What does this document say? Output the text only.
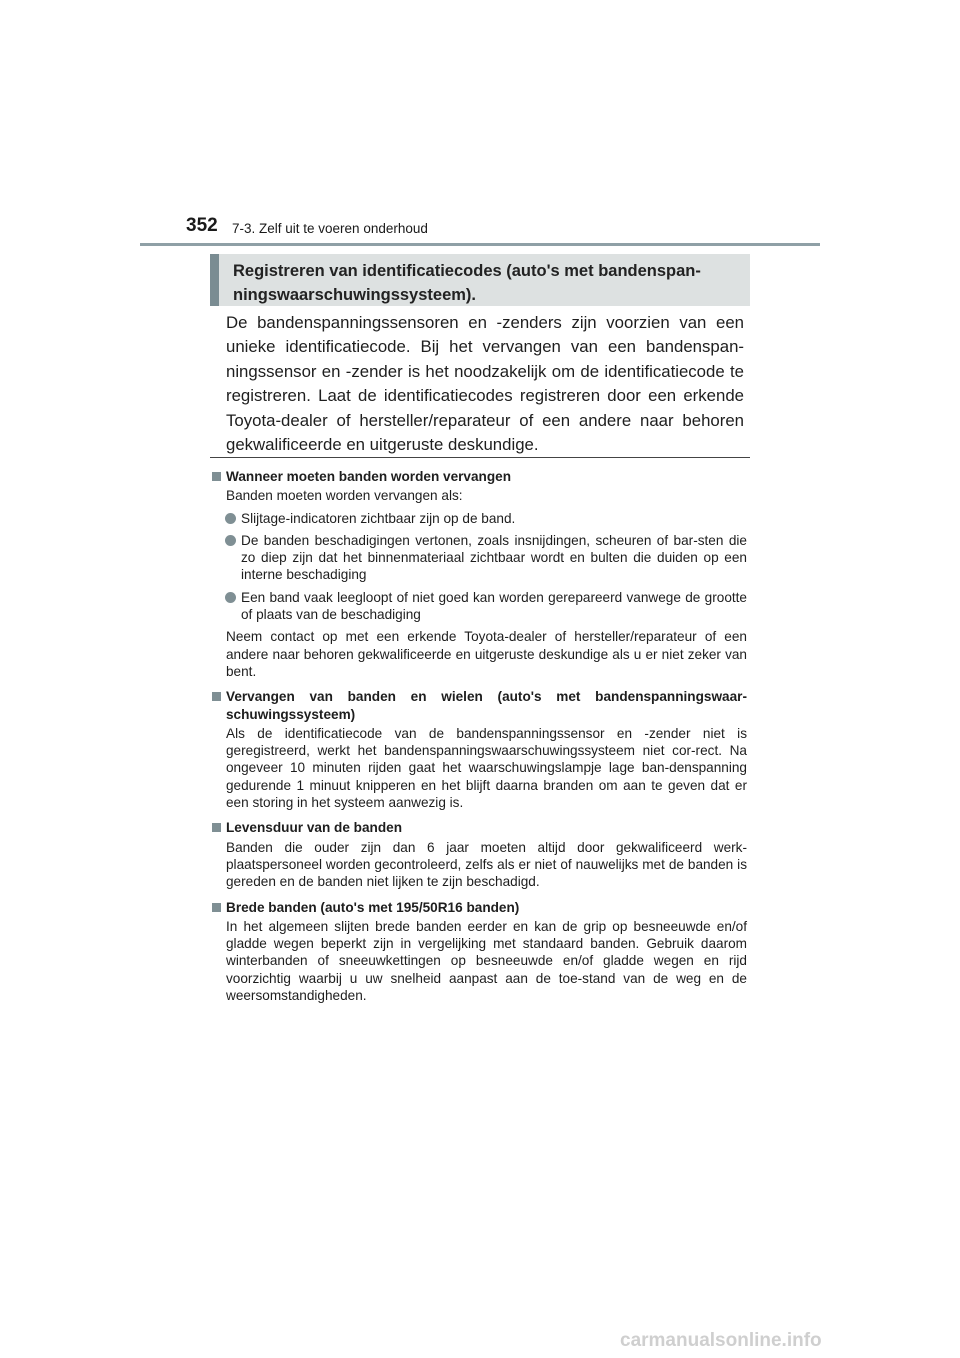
352 7-3. Zelf uit te voeren onderhoud
Registreren van identificatiecodes (auto's met bandenspan-
ningswaarschuwingssysteem).
De bandenspanningssensoren en -zenders zijn voorzien van een unieke identificatiecode. Bij het vervangen van een bandenspan-ningssensor en -zender is het noodzakelijk om de identificatiecode te registreren. Laat de identificatiecodes registreren door een erkende Toyota-dealer of hersteller/reparateur of een andere naar behoren gekwalificeerde en uitgeruste deskundige.
Wanneer moeten banden worden vervangen
Banden moeten worden vervangen als:
Slijtage-indicatoren zichtbaar zijn op de band.
De banden beschadigingen vertonen, zoals insnijdingen, scheuren of bar-sten die zo diep zijn dat het binnenmateriaal zichtbaar wordt en bulten die duiden op een interne beschadiging
Een band vaak leegloopt of niet goed kan worden gerepareerd vanwege de grootte of plaats van de beschadiging
Neem contact op met een erkende Toyota-dealer of hersteller/reparateur of een andere naar behoren gekwalificeerde en uitgeruste deskundige als u er niet zeker van bent.
Vervangen van banden en wielen (auto's met bandenspanningswaar-schuwingssysteem)
Als de identificatiecode van de bandenspanningssensor en -zender niet is geregistreerd, werkt het bandenspanningswaarschuwingssysteem niet cor-rect. Na ongeveer 10 minuten rijden gaat het waarschuwingslampje lage ban-denspanning gedurende 1 minuut knipperen en het blijft daarna branden om aan te geven dat er een storing in het systeem aanwezig is.
Levensduur van de banden
Banden die ouder zijn dan 6 jaar moeten altijd door gekwalificeerd werk-plaatspersoneel worden gecontroleerd, zelfs als er niet of nauwelijks met de banden is gereden en de banden niet lijken te zijn beschadigd.
Brede banden (auto's met 195/50R16 banden)
In het algemeen slijten brede banden eerder en kan de grip op besneeuwde en/of gladde wegen beperkt zijn in vergelijking met standaard banden. Gebruik daarom winterbanden of sneeuwkettingen op besneeuwde en/of gladde wegen en rijd voorzichtig waarbij u uw snelheid aanpast aan de toe-stand van de weg en de weersomstandigheden.
carmanualsonline.info
